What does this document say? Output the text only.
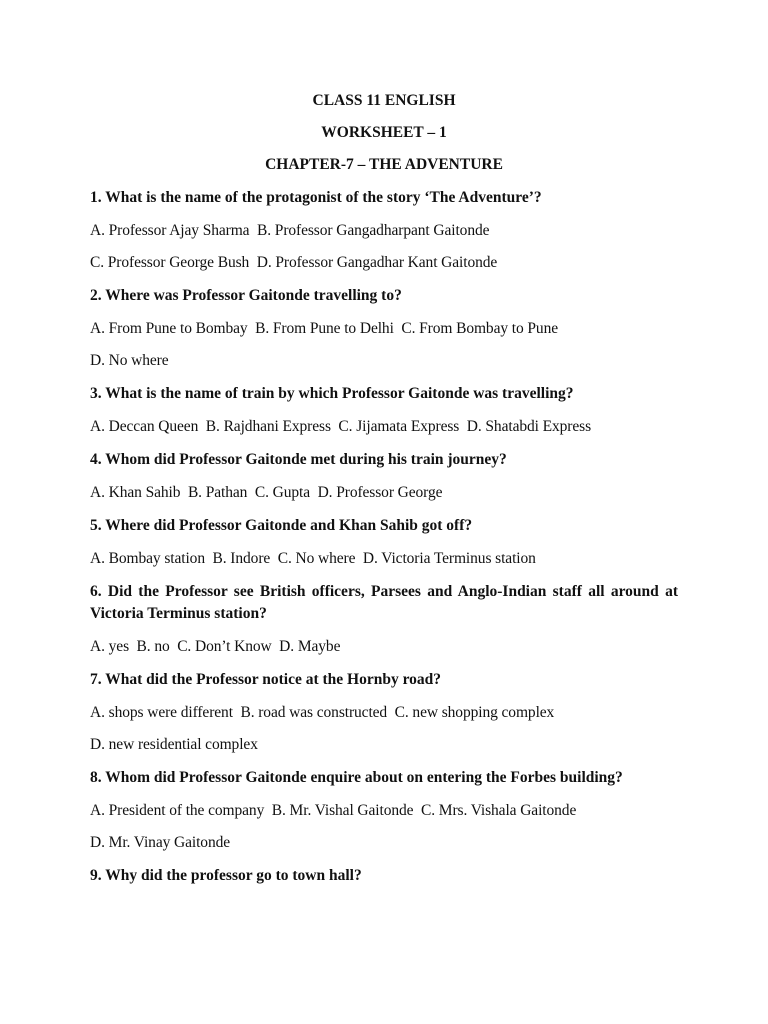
CLASS 11 ENGLISH

WORKSHEET – 1

CHAPTER-7 – THE ADVENTURE

1. What is the name of the protagonist of the story ‘The Adventure’?

A. Professor Ajay Sharma  B. Professor Gangadharpant Gaitonde

C. Professor George Bush  D. Professor Gangadhar Kant Gaitonde

2. Where was Professor Gaitonde travelling to?

A. From Pune to Bombay  B. From Pune to Delhi  C. From Bombay to Pune

D. No where

3. What is the name of train by which Professor Gaitonde was travelling?

A. Deccan Queen  B. Rajdhani Express  C. Jijamata Express  D. Shatabdi Express

4. Whom did Professor Gaitonde met during his train journey?

A. Khan Sahib  B. Pathan  C. Gupta  D. Professor George

5. Where did Professor Gaitonde and Khan Sahib got off?

A. Bombay station  B. Indore  C. No where  D. Victoria Terminus station

6. Did the Professor see British officers, Parsees and Anglo-Indian staff all around at Victoria Terminus station?

A. yes  B. no  C. Don’t Know  D. Maybe

7. What did the Professor notice at the Hornby road?

A. shops were different  B. road was constructed  C. new shopping complex

D. new residential complex

8. Whom did Professor Gaitonde enquire about on entering the Forbes building?

A. President of the company  B. Mr. Vishal Gaitonde  C. Mrs. Vishala Gaitonde

D. Mr. Vinay Gaitonde

9. Why did the professor go to town hall?
